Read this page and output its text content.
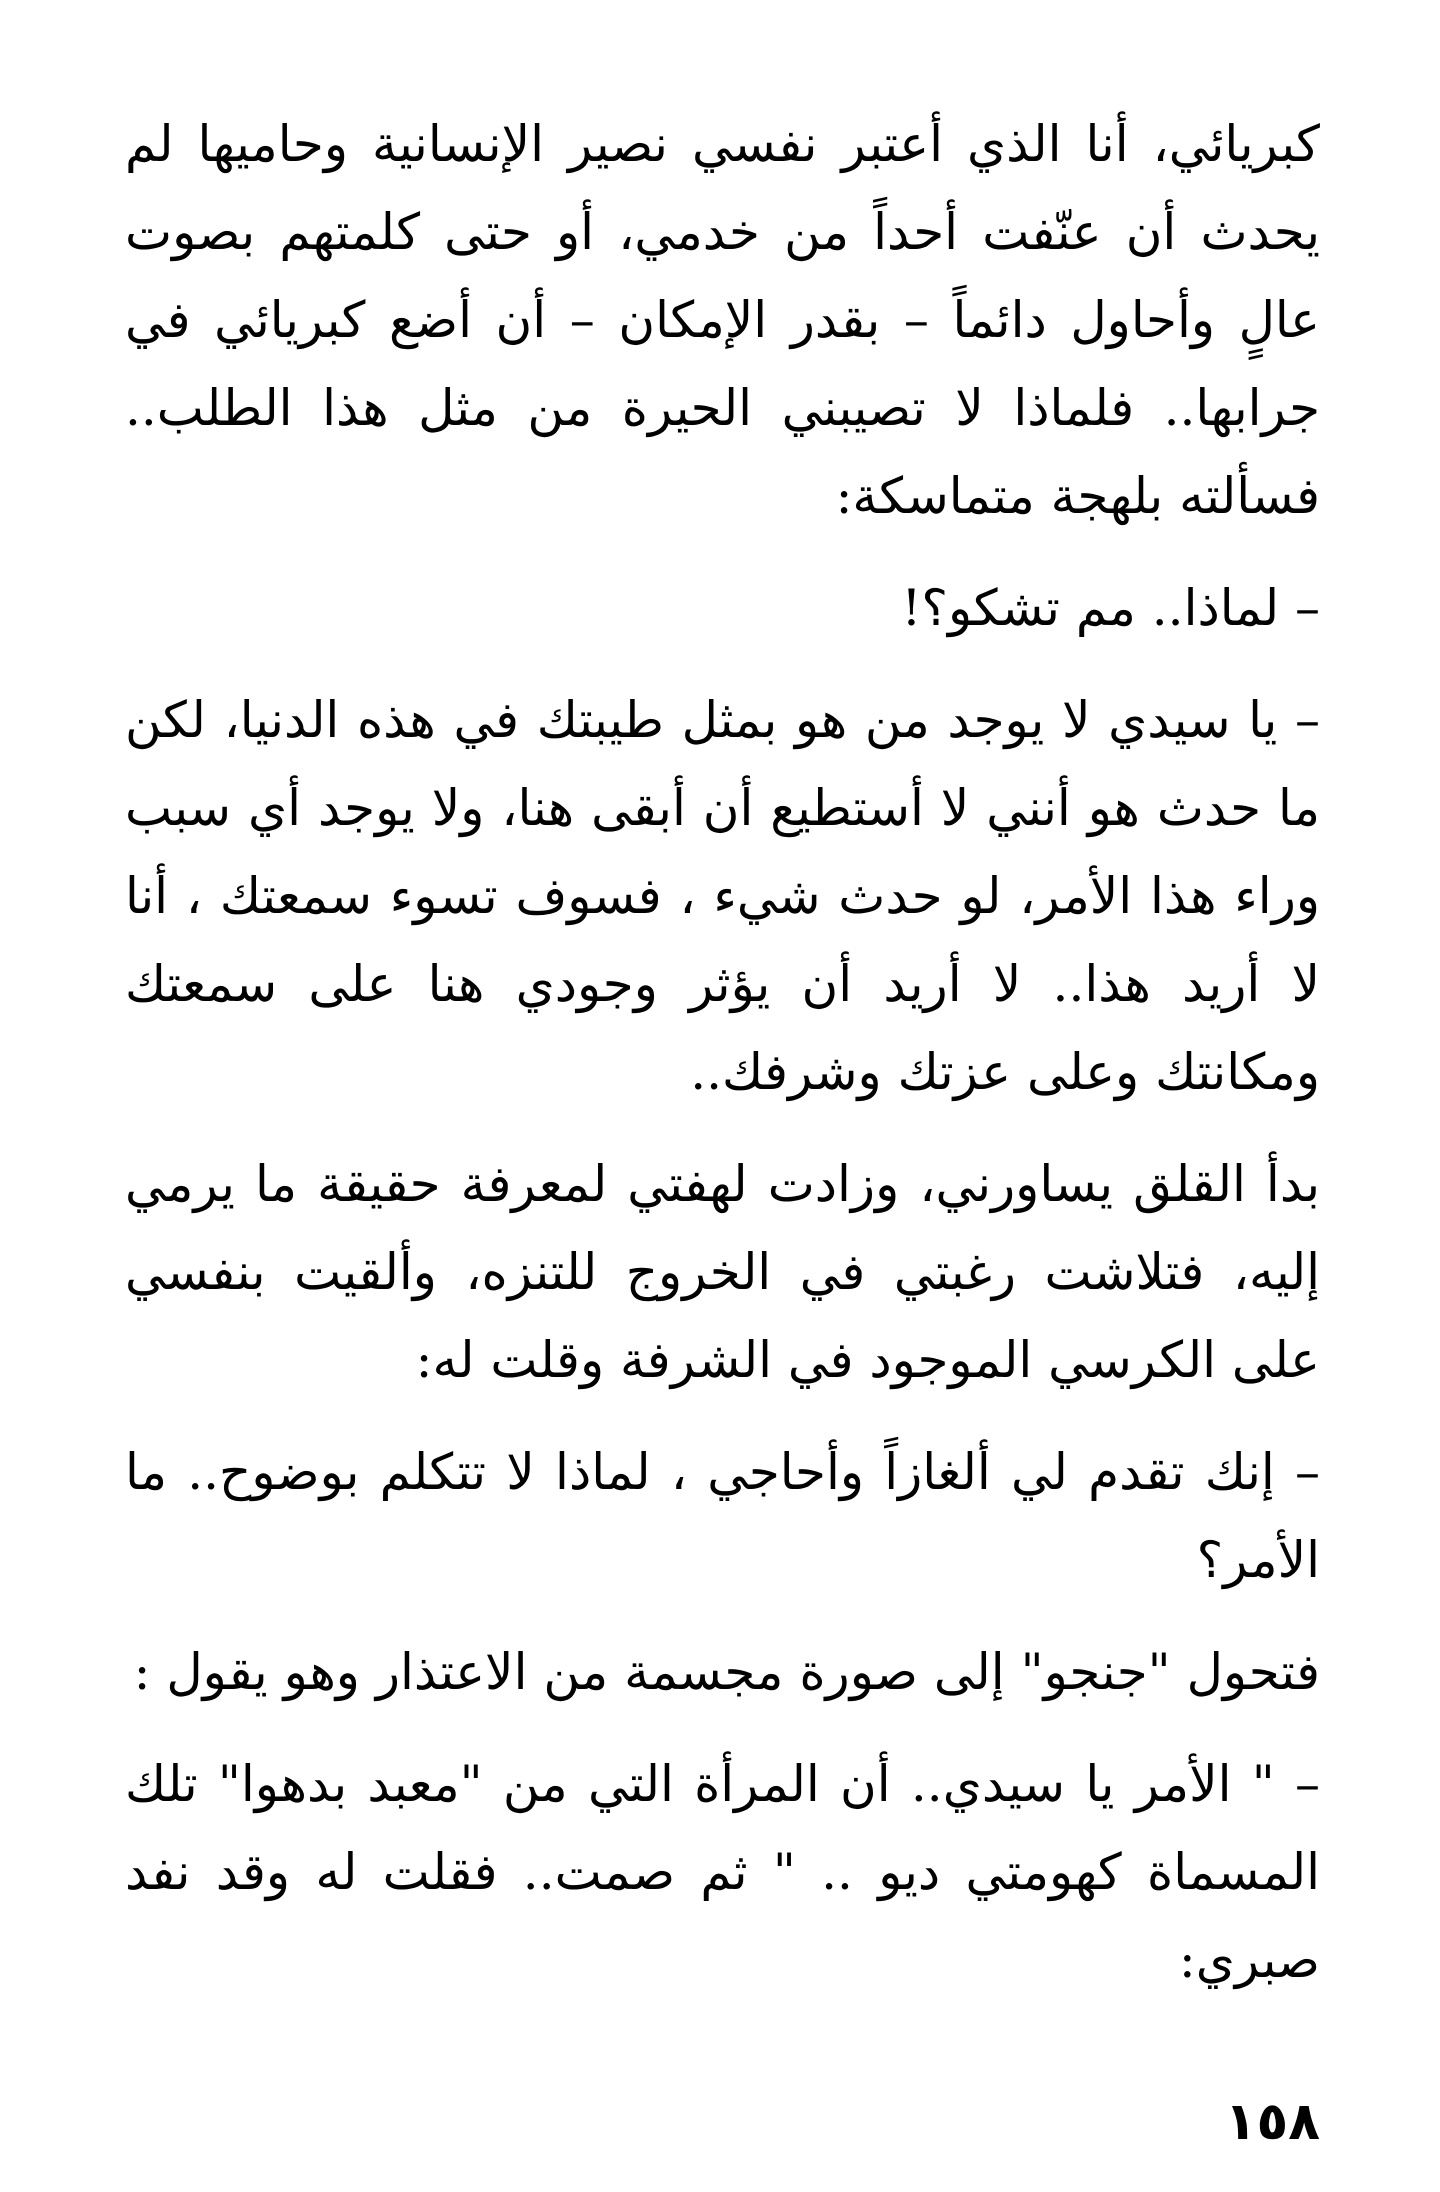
كبريائي، أنا الذي أعتبر نفسي نصير الإنسانية وحاميها لم يحدث أن عنّفت أحداً من خدمي، أو حتى كلمتهم بصوت عالٍ وأحاول دائماً – بقدر الإمكان – أن أضع كبريائي في جرابها.. فلماذا لا تصيبني الحيرة من مثل هذا الطلب.. فسألته بلهجة متماسكة:

– لماذا.. مم تشكو؟!

– يا سيدي لا يوجد من هو بمثل طيبتك في هذه الدنيا، لكن ما حدث هو أنني لا أستطيع أن أبقى هنا، ولا يوجد أي سبب وراء هذا الأمر، لو حدث شيء ، فسوف تسوء سمعتك ، أنا لا أريد هذا.. لا أريد أن يؤثر وجودي هنا على سمعتك ومكانتك وعلى عزتك وشرفك..

بدأ القلق يساورني، وزادت لهفتي لمعرفة حقيقة ما يرمي إليه، فتلاشت رغبتي في الخروج للتنزه، وألقيت بنفسي على الكرسي الموجود في الشرفة وقلت له:

– إنك تقدم لي ألغازاً وأحاجي ، لماذا لا تتكلم بوضوح.. ما الأمر؟

فتحول "جنجو" إلى صورة مجسمة من الاعتذار وهو يقول :

– " الأمر يا سيدي.. أن المرأة التي من "معبد بدهوا" تلك المسماة كهومتي ديو .. " ثم صمت.. فقلت له وقد نفد صبري:

١٥٨
